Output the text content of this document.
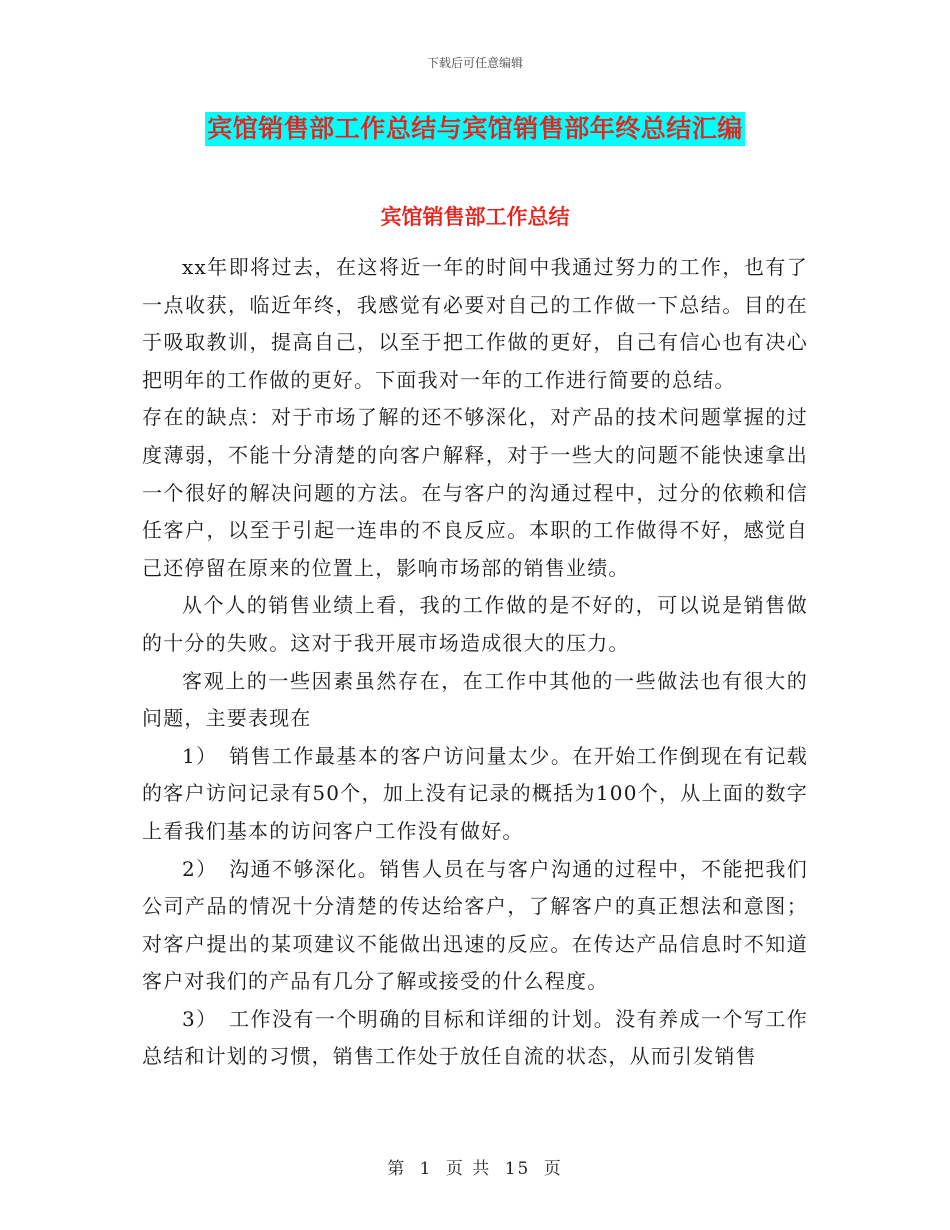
下载后可任意编辑
宾馆销售部工作总结与宾馆销售部年终总结汇编
宾馆销售部工作总结

xx年即将过去，在这将近一年的时间中我通过努力的工作，也有了一点收获，临近年终，我感觉有必要对自己的工作做一下总结。目的在于吸取教训，提高自己，以至于把工作做的更好，自己有信心也有决心把明年的工作做的更好。下面我对一年的工作进行简要的总结。

存在的缺点：对于市场了解的还不够深化，对产品的技术问题掌握的过度薄弱，不能十分清楚的向客户解释，对于一些大的问题不能快速拿出一个很好的解决问题的方法。在与客户的沟通过程中，过分的依赖和信任客户，以至于引起一连串的不良反应。本职的工作做得不好，感觉自己还停留在原来的位置上，影响市场部的销售业绩。

从个人的销售业绩上看，我的工作做的是不好的，可以说是销售做的十分的失败。这对于我开展市场造成很大的压力。

客观上的一些因素虽然存在，在工作中其他的一些做法也有很大的问题，主要表现在

1）　销售工作最基本的客户访问量太少。在开始工作倒现在有记载的客户访问记录有50个，加上没有记录的概括为100个，从上面的数字上看我们基本的访问客户工作没有做好。

2）　沟通不够深化。销售人员在与客户沟通的过程中，不能把我们公司产品的情况十分清楚的传达给客户，了解客户的真正想法和意图；对客户提出的某项建议不能做出迅速的反应。在传达产品信息时不知道客户对我们的产品有几分了解或接受的什么程度。

3）　工作没有一个明确的目标和详细的计划。没有养成一个写工作总结和计划的习惯，销售工作处于放任自流的状态，从而引发销售

第 1 页 共 15 页
